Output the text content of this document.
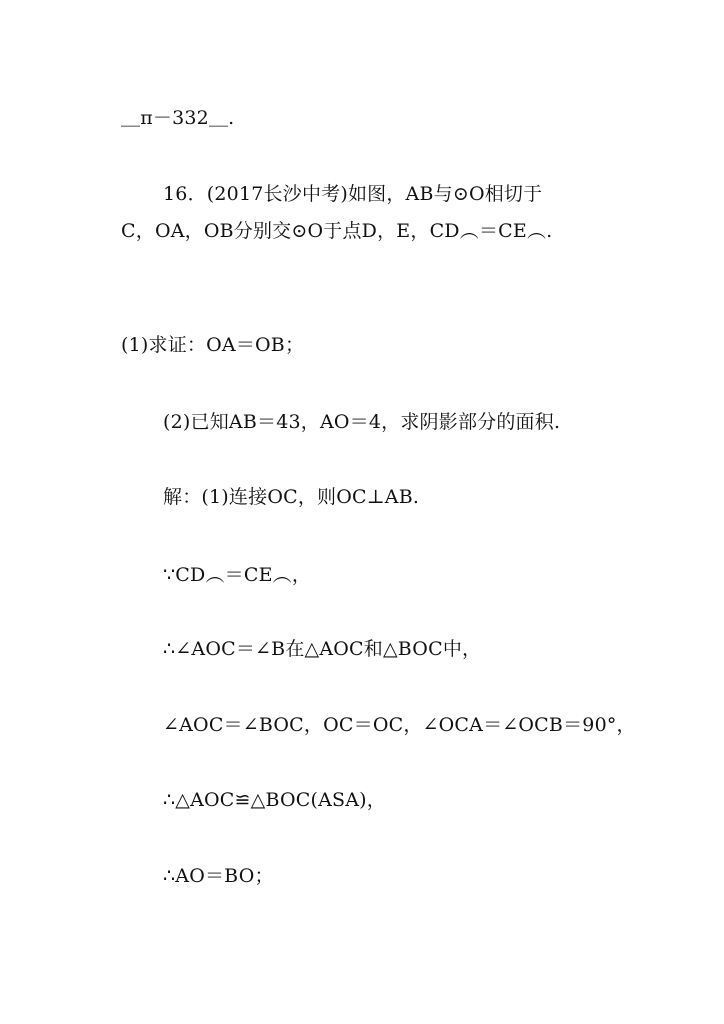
＿π－332＿.
16．(2017长沙中考)如图，AB与⊙O相切于
C，OA，OB分别交⊙O于点D，E，CD︵＝CE︵.
(1)求证：OA＝OB；
(2)已知AB＝43，AO＝4，求阴影部分的面积.
解：(1)连接OC，则OC⊥AB.
∵CD︵＝CE︵，
∴∠AOC＝∠B在△AOC和△BOC中，
∠AOC＝∠BOC，OC＝OC，∠OCA＝∠OCB＝90°，
∴△AOC≌△BOC(ASA)，
∴AO＝BO；
